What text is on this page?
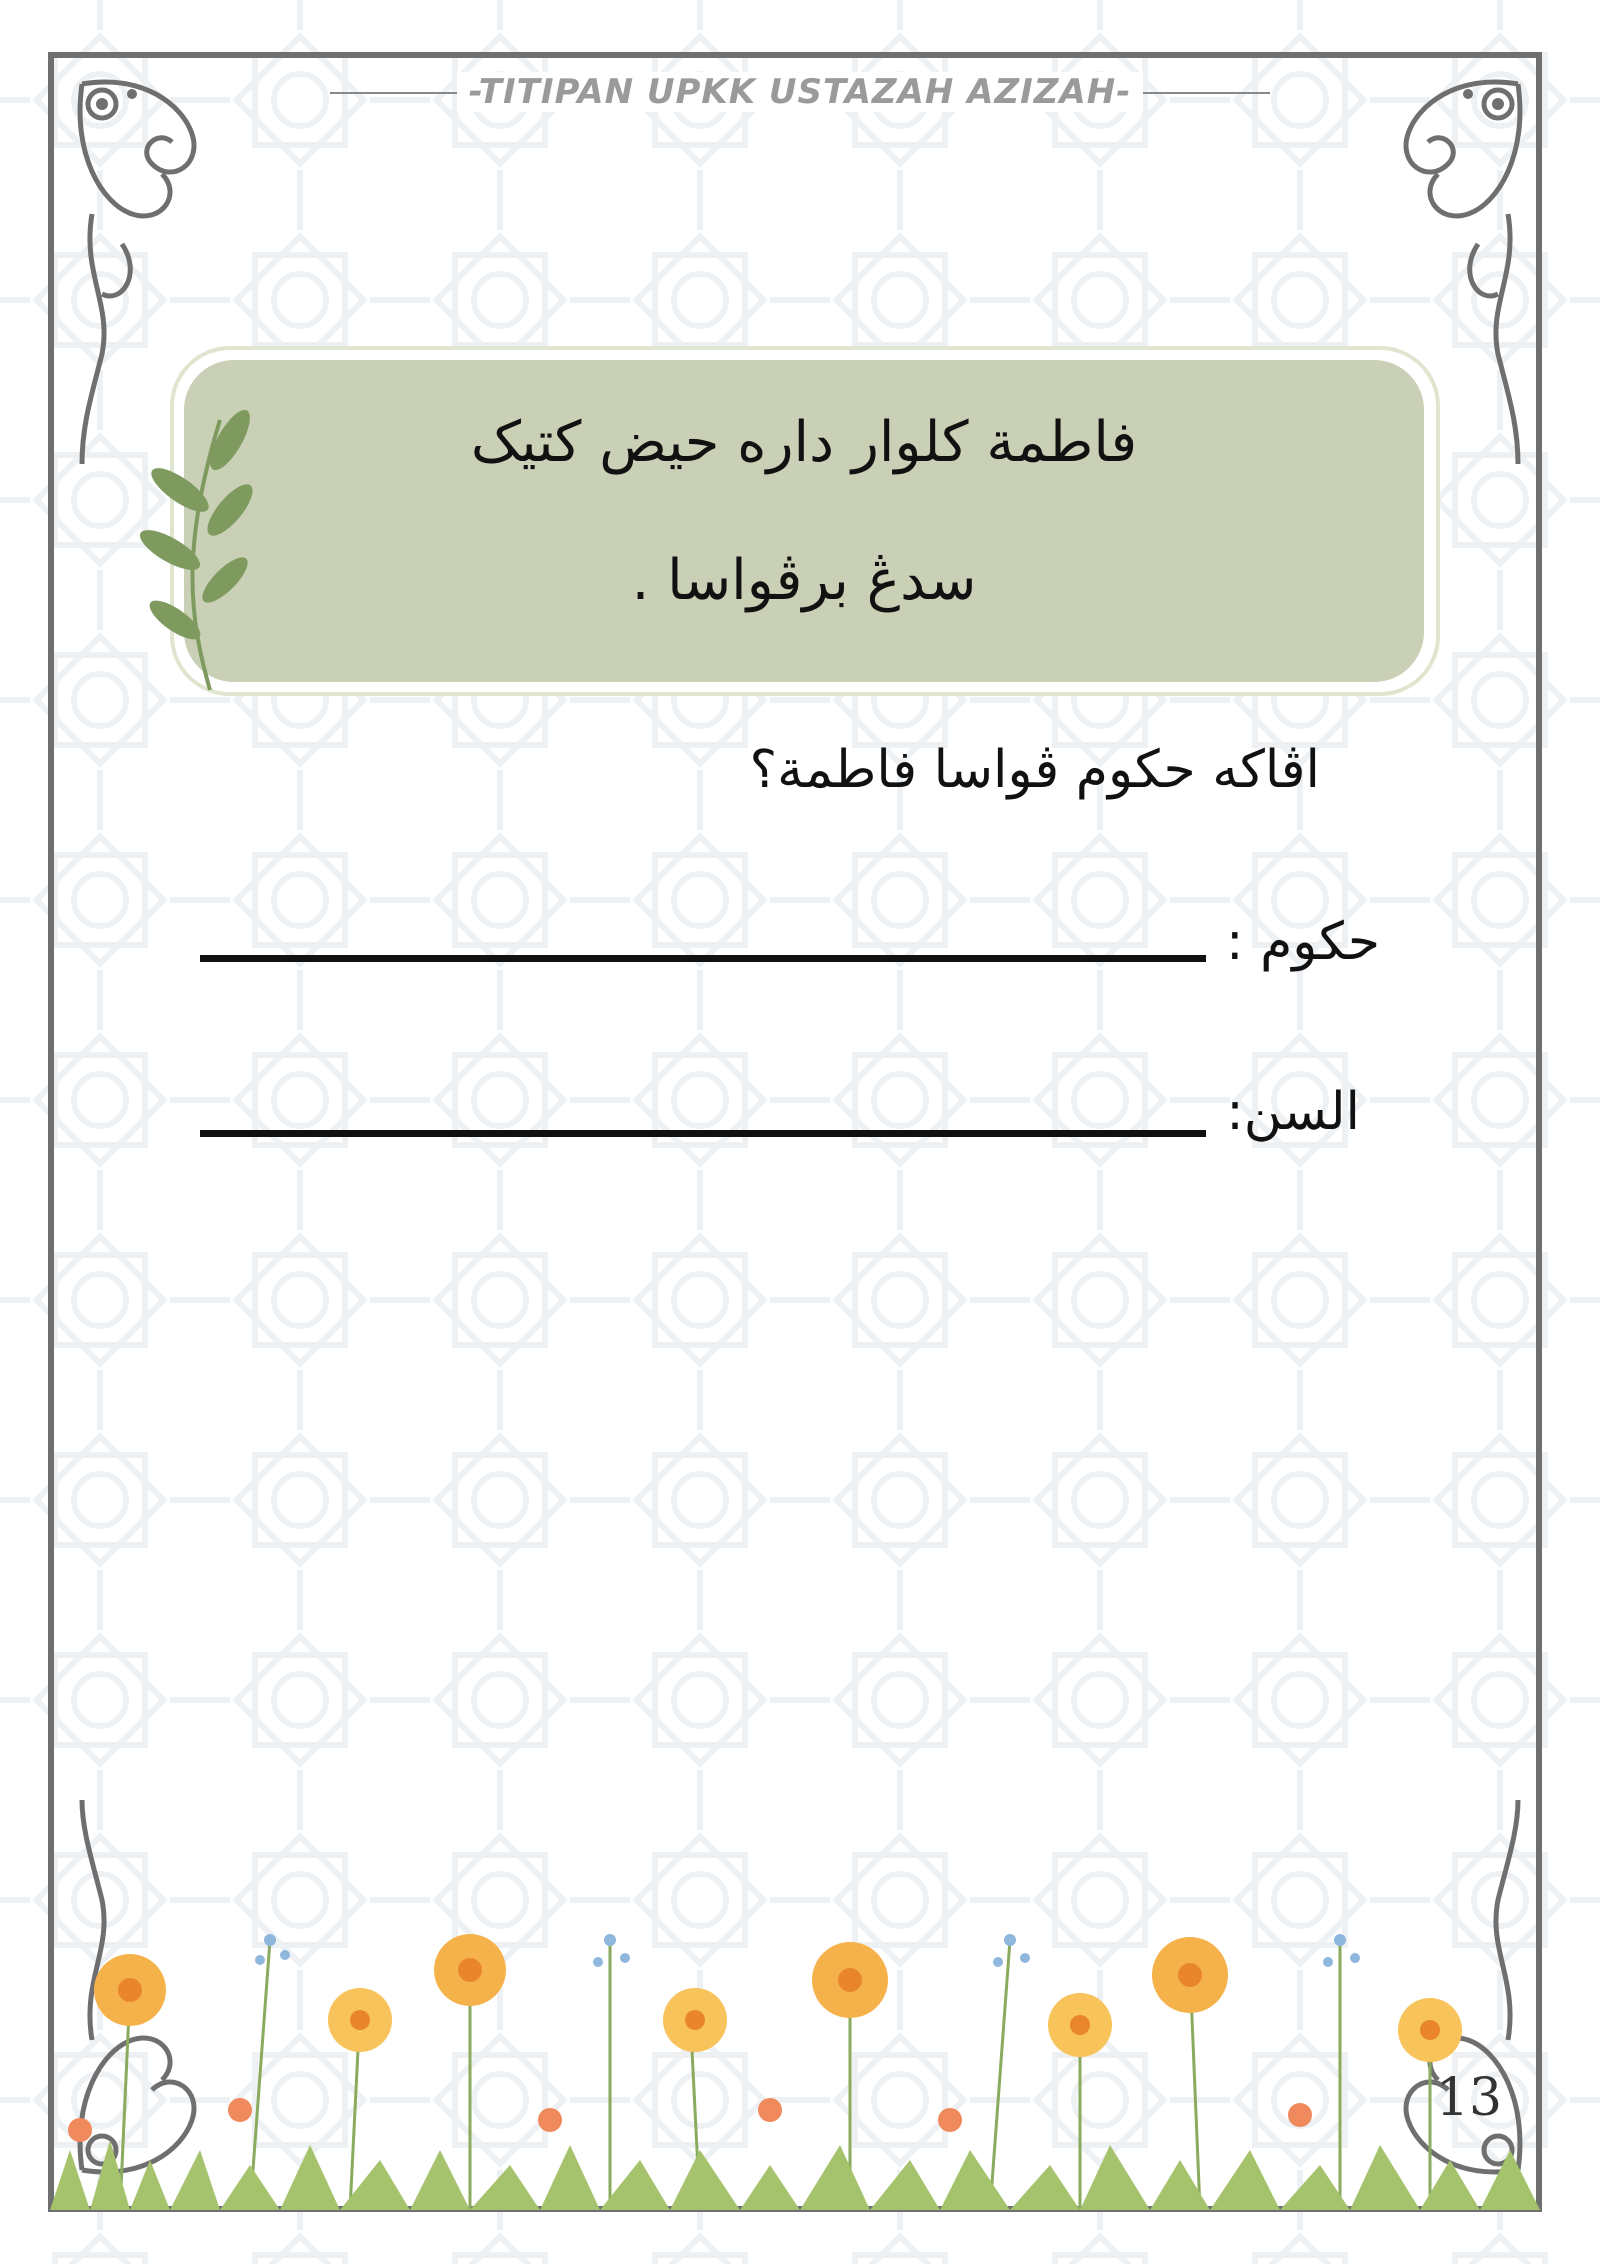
-TITIPAN UPKK USTAZAH AZIZAH-
فاطمة كلوار داره حيض كتيک
سدڠ برڤواسا .
اڤاكه حكوم ڤواسا فاطمة؟
حكوم :
السن:
13
